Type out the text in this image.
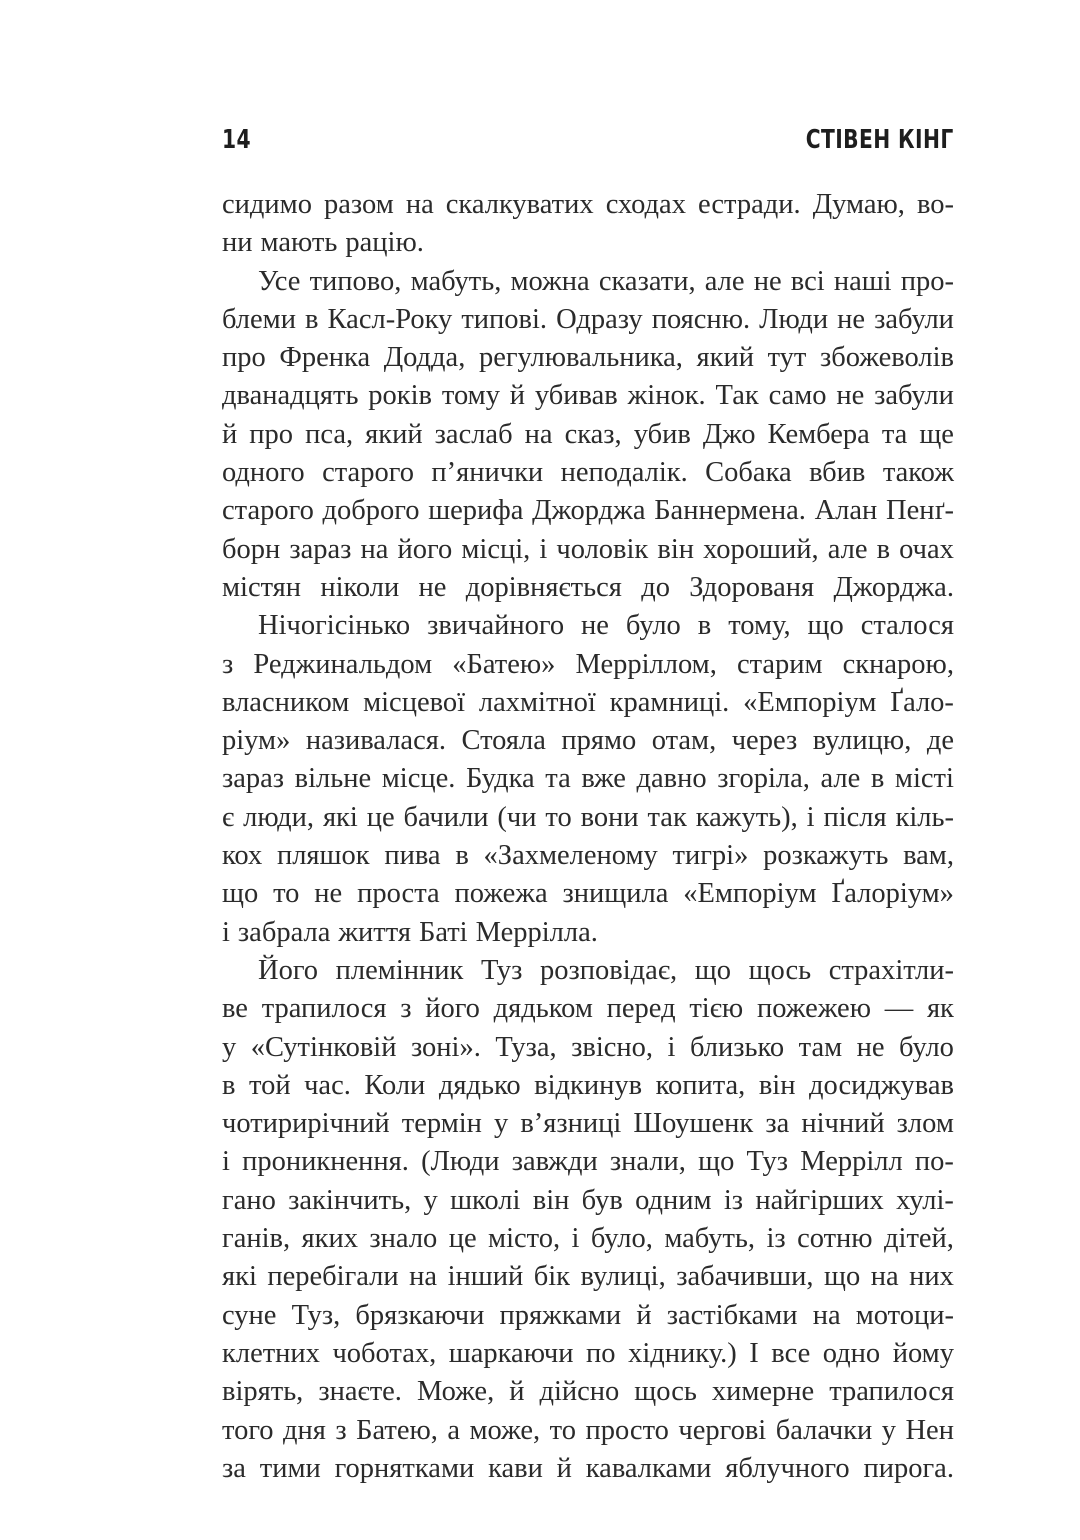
14	СТІВЕН КІНГ
сидимо разом на скалкуватих сходах естради. Думаю, во-
ни мають рацію.
Усе типово, мабуть, можна сказати, але не всі наші про-
блеми в Касл-Року типові. Одразу поясню. Люди не забули
про Френка Додда, регулювальника, який тут збожеволів
дванадцять років тому й убивав жінок. Так само не забули
й про пса, який заслаб на сказ, убив Джо Кембера та ще
одного старого п’янички неподалік. Собака вбив також
старого доброго шерифа Джорджа Баннермена. Алан Пенґ-
борн зараз на його місці, і чоловік він хороший, але в очах
містян ніколи не дорівняється до Здорованя Джорджа.
Нічогісінько звичайного не було в тому, що сталося
з Реджинальдом «Батею» Мерріллом, старим скнарою,
власником місцевої лахмітної крамниці. «Емпоріум Ґало-
ріум» називалася. Стояла прямо отам, через вулицю, де
зараз вільне місце. Будка та вже давно згоріла, але в місті
є люди, які це бачили (чи то вони так кажуть), і після кіль-
кох пляшок пива в «Захмеленому тигрі» розкажуть вам,
що то не проста пожежа знищила «Емпоріум Ґалоріум»
і забрала життя Баті Меррілла.
Його племінник Туз розповідає, що щось страхітли-
ве трапилося з його дядьком перед тією пожежею — як
у «Сутінковій зоні». Туза, звісно, і близько там не було
в той час. Коли дядько відкинув копита, він досиджував
чотирирічний термін у в’язниці Шоушенк за нічний злом
і проникнення. (Люди завжди знали, що Туз Меррілл по-
гано закінчить, у школі він був одним із найгірших хулі-
ганів, яких знало це місто, і було, мабуть, із сотню дітей,
які перебігали на інший бік вулиці, забачивши, що на них
суне Туз, брязкаючи пряжками й застібками на мотоци-
клетних чоботах, шаркаючи по хіднику.) І все одно йому
вірять, знаєте. Може, й дійсно щось химерне трапилося
того дня з Батею, а може, то просто чергові балачки у Нен
за тими горнятками кави й кавалками яблучного пирога.
